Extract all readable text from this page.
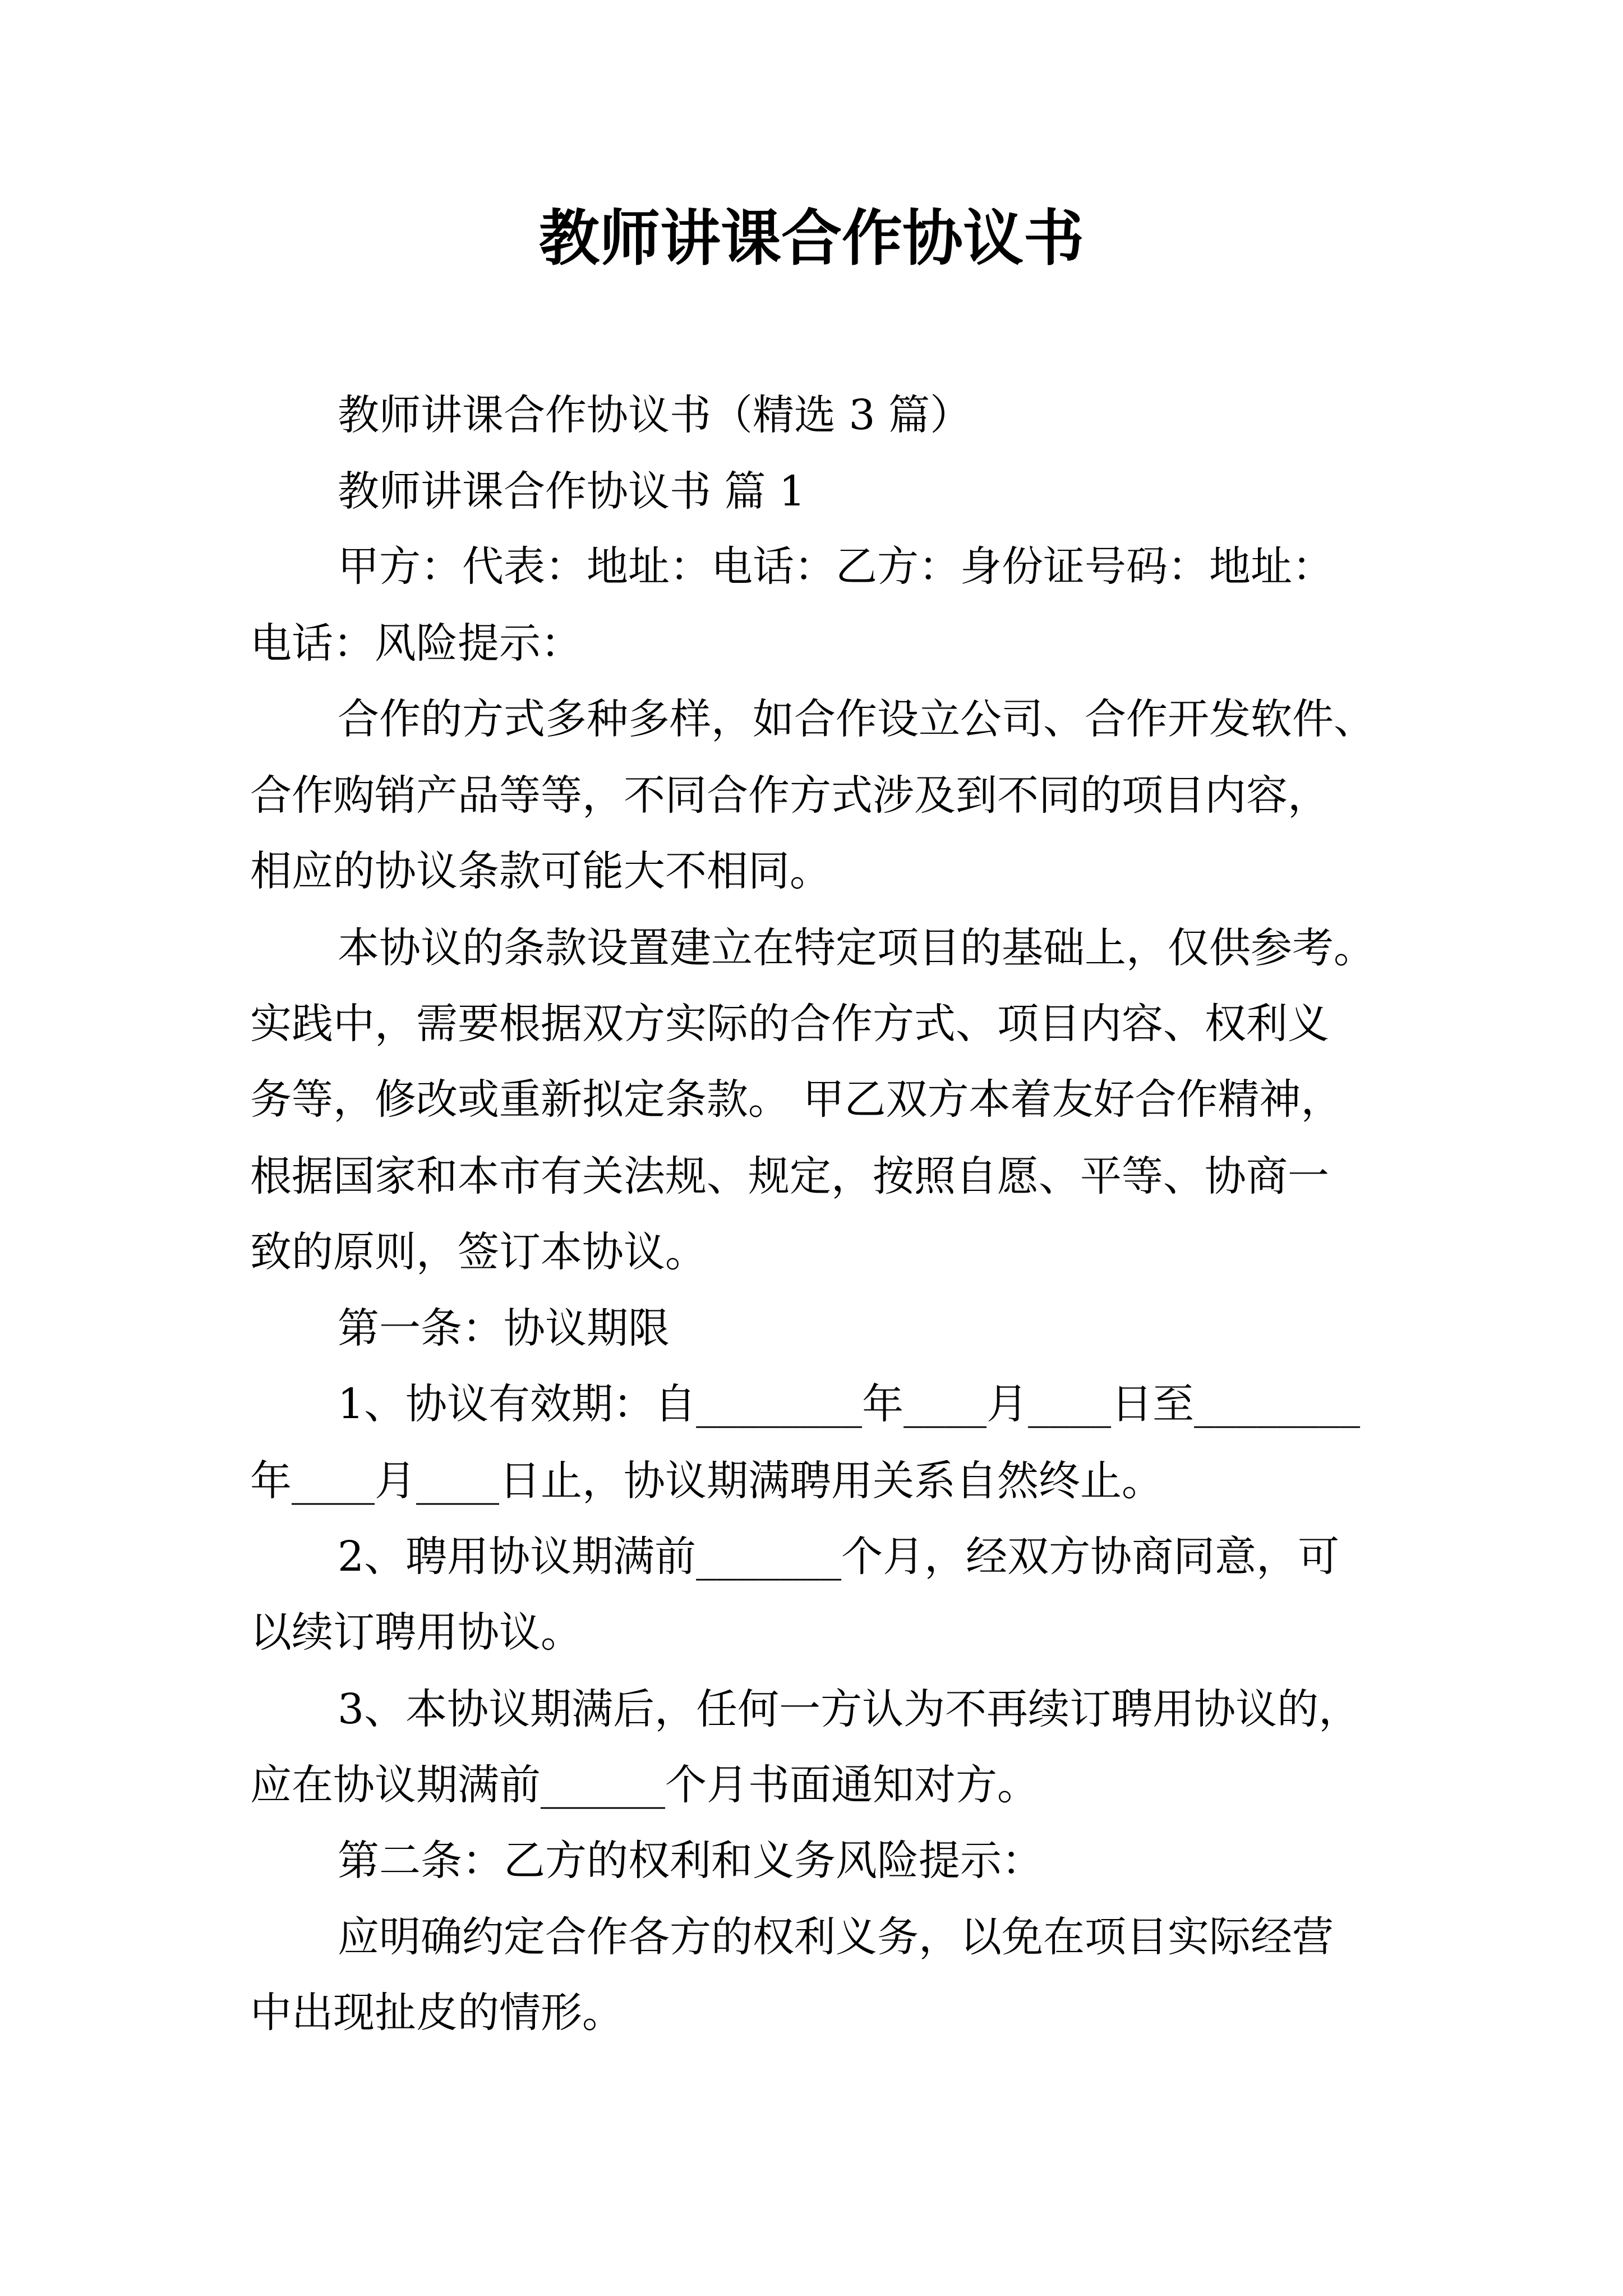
教师讲课合作协议书
教师讲课合作协议书（精选 3 篇）
教师讲课合作协议书 篇 1
甲方：代表：地址：电话：乙方：身份证号码：地址：
电话：风险提示：
合作的方式多种多样，如合作设立公司、合作开发软件、
合作购销产品等等，不同合作方式涉及到不同的项目内容，
相应的协议条款可能大不相同。
本协议的条款设置建立在特定项目的基础上，仅供参考。
实践中，需要根据双方实际的合作方式、项目内容、权利义
务等，修改或重新拟定条款。 甲乙双方本着友好合作精神，
根据国家和本市有关法规、规定，按照自愿、平等、协商一
致的原则，签订本协议。
第一条：协议期限
1、协议有效期：自________年____月____日至________
年____月____日止，协议期满聘用关系自然终止。
2、聘用协议期满前_______个月，经双方协商同意，可
以续订聘用协议。
3、本协议期满后，任何一方认为不再续订聘用协议的，
应在协议期满前______个月书面通知对方。
第二条：乙方的权利和义务风险提示：
应明确约定合作各方的权利义务，以免在项目实际经营
中出现扯皮的情形。
